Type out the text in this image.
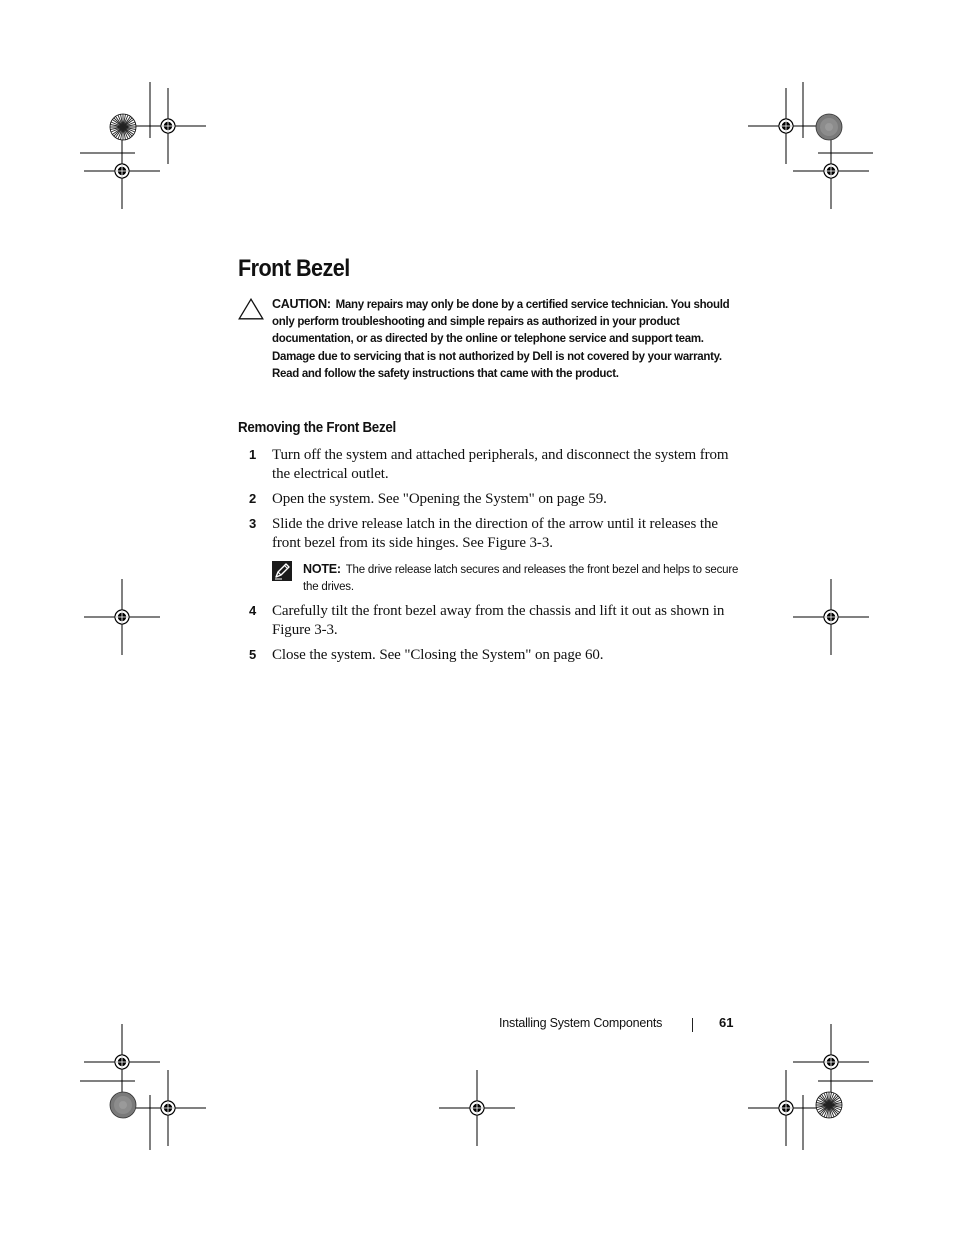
Front Bezel
CAUTION: Many repairs may only be done by a certified service technician. You should only perform troubleshooting and simple repairs as authorized in your product documentation, or as directed by the online or telephone service and support team. Damage due to servicing that is not authorized by Dell is not covered by your warranty. Read and follow the safety instructions that came with the product.
Removing the Front Bezel
1 Turn off the system and attached peripherals, and disconnect the system from the electrical outlet.
2 Open the system. See "Opening the System" on page 59.
3 Slide the drive release latch in the direction of the arrow until it releases the front bezel from its side hinges. See Figure 3-3.
NOTE: The drive release latch secures and releases the front bezel and helps to secure the drives.
4 Carefully tilt the front bezel away from the chassis and lift it out as shown in Figure 3-3.
5 Close the system. See "Closing the System" on page 60.
Installing System Components	61
